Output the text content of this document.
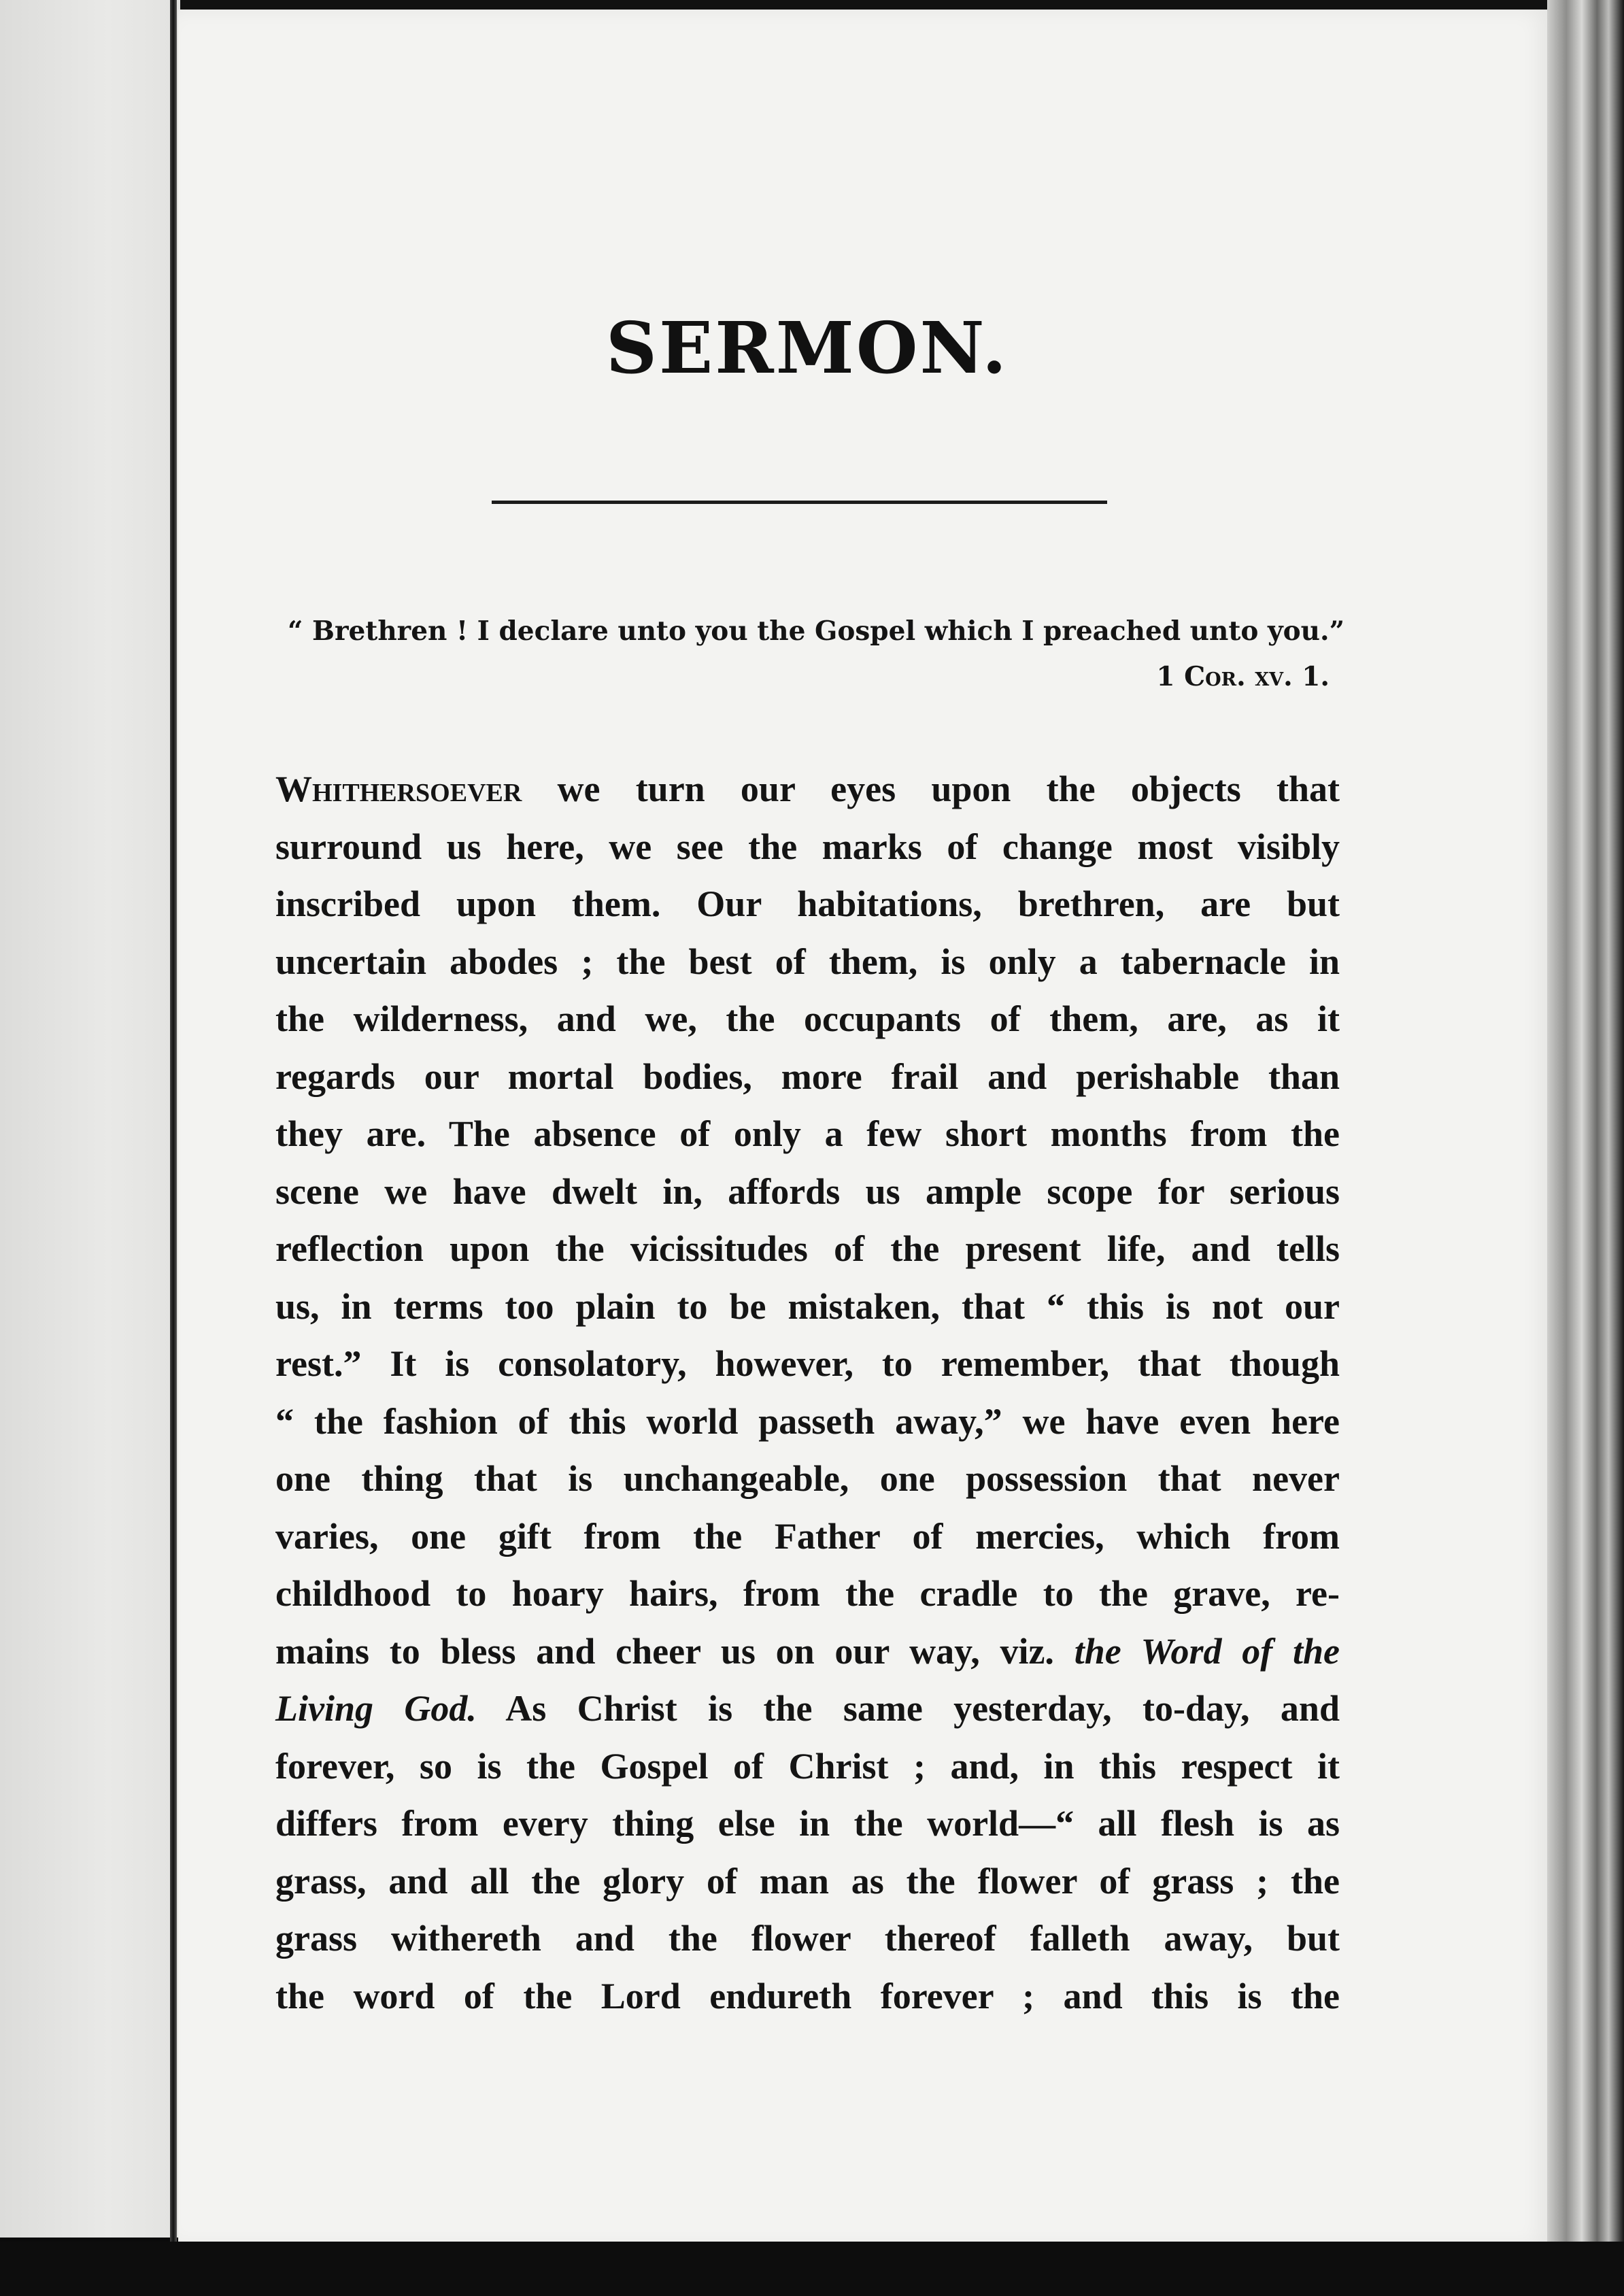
SERMON.
“ Brethren ! I declare unto you the Gospel which I preached unto you.”
1 Cor. xv. 1.
Whithersoever we turn our eyes upon the objects that
surround us here, we see the marks of change most visibly
inscribed upon them. Our habitations, brethren, are but
uncertain abodes ; the best of them, is only a tabernacle in
the wilderness, and we, the occupants of them, are, as it
regards our mortal bodies, more frail and perishable than
they are. The absence of only a few short months from the
scene we have dwelt in, affords us ample scope for serious
reflection upon the vicissitudes of the present life, and tells
us, in terms too plain to be mistaken, that “ this is not our
rest.” It is consolatory, however, to remember, that though
“ the fashion of this world passeth away,” we have even here
one thing that is unchangeable, one possession that never
varies, one gift from the Father of mercies, which from
childhood to hoary hairs, from the cradle to the grave, re-
mains to bless and cheer us on our way, viz. the Word of the
Living God. As Christ is the same yesterday, to-day, and
forever, so is the Gospel of Christ ; and, in this respect it
differs from every thing else in the world—“ all flesh is as
grass, and all the glory of man as the flower of grass ; the
grass withereth and the flower thereof falleth away, but
the word of the Lord endureth forever ; and this is the
